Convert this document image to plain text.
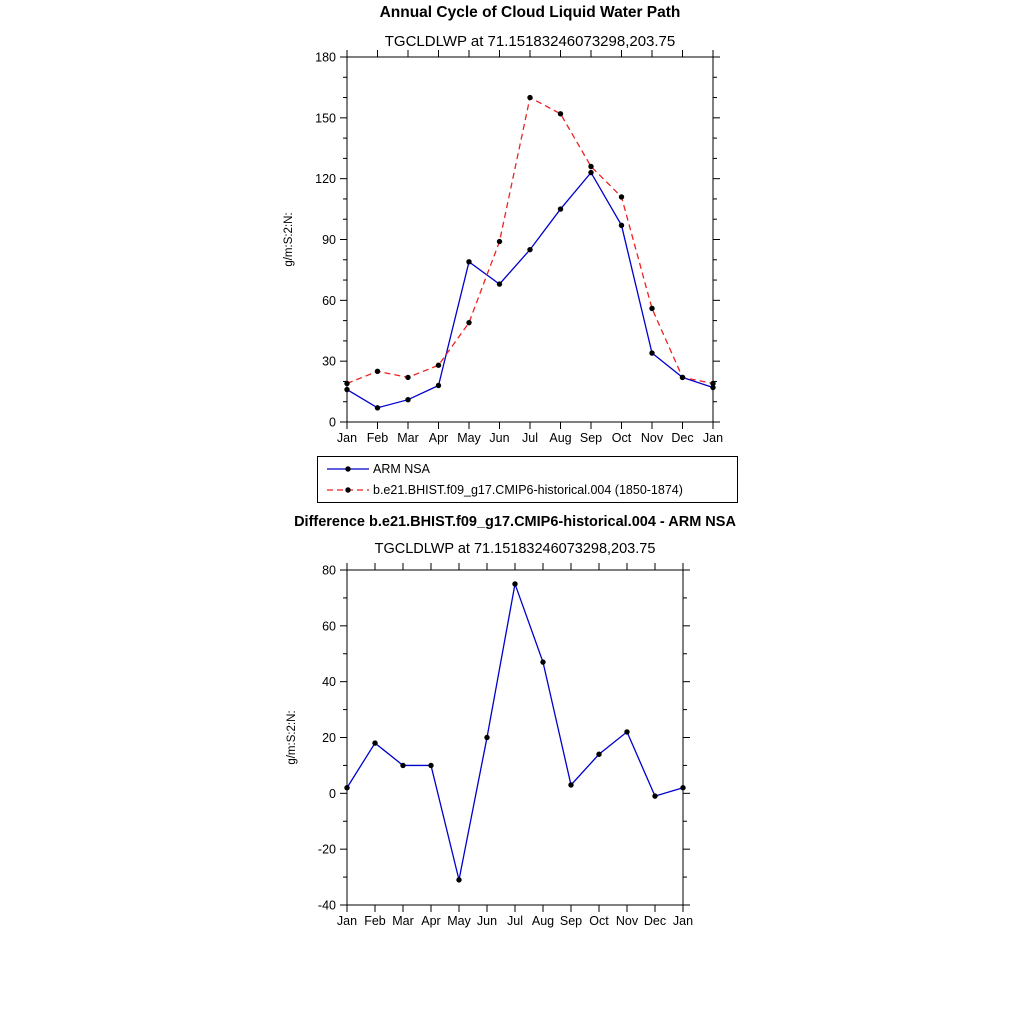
0
30
60
90
120
150
180
Jan Feb Mar Apr May Jun Jul Aug Sep Oct Nov Dec Jan
g/m:S:2:N:
-40
-20
0
20
40
60
80
Jan Feb Mar Apr May Jun Jul Aug Sep Oct Nov Dec Jan
g/m:S:2:N:
Annual Cycle of Cloud Liquid Water Path
TGCLDLWP at 71.15183246073298,203.75
ARM NSA
b.e21.BHIST.f09_g17.CMIP6-historical.004 (1850-1874)
Difference b.e21.BHIST.f09_g17.CMIP6-historical.004 - ARM NSA
TGCLDLWP at 71.15183246073298,203.75
